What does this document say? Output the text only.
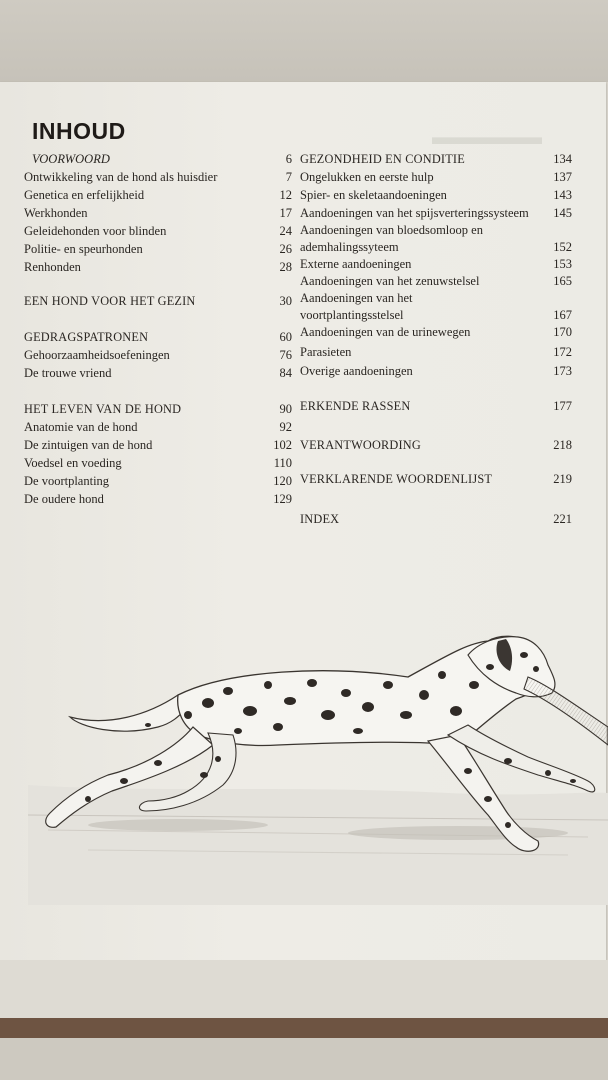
▬▬▬▬▬
INHOUD
VOORWOORD	6
Ontwikkeling van de hond als huisdier	7
Genetica en erfelijkheid	12
Werkhonden	17
Geleidehonden voor blinden	24
Politie- en speurhonden	26
Renhonden	28
EEN HOND VOOR HET GEZIN	30
GEDRAGSPATRONEN	60
Gehoorzaamheidsoefeningen	76
De trouwe vriend	84
HET LEVEN VAN DE HOND	90
Anatomie van de hond	92
De zintuigen van de hond	102
Voedsel en voeding	110
De voortplanting	120
De oudere hond	129
GEZONDHEID EN CONDITIE	134
Ongelukken en eerste hulp	137
Spier- en skeletaandoeningen	143
Aandoeningen van het spijsverteringssysteem 145
Aandoeningen van bloedsomloop en
ademhalingssyteem	152
Externe aandoeningen	153
Aandoeningen van het zenuwstelsel	165
Aandoeningen van het
voortplantingsstelsel	167
Aandoeningen van de urinewegen	170
Parasieten	172
Overige aandoeningen	173
ERKENDE RASSEN	177
VERANTWOORDING	218
VERKLARENDE WOORDENLIJST	219
INDEX	221
